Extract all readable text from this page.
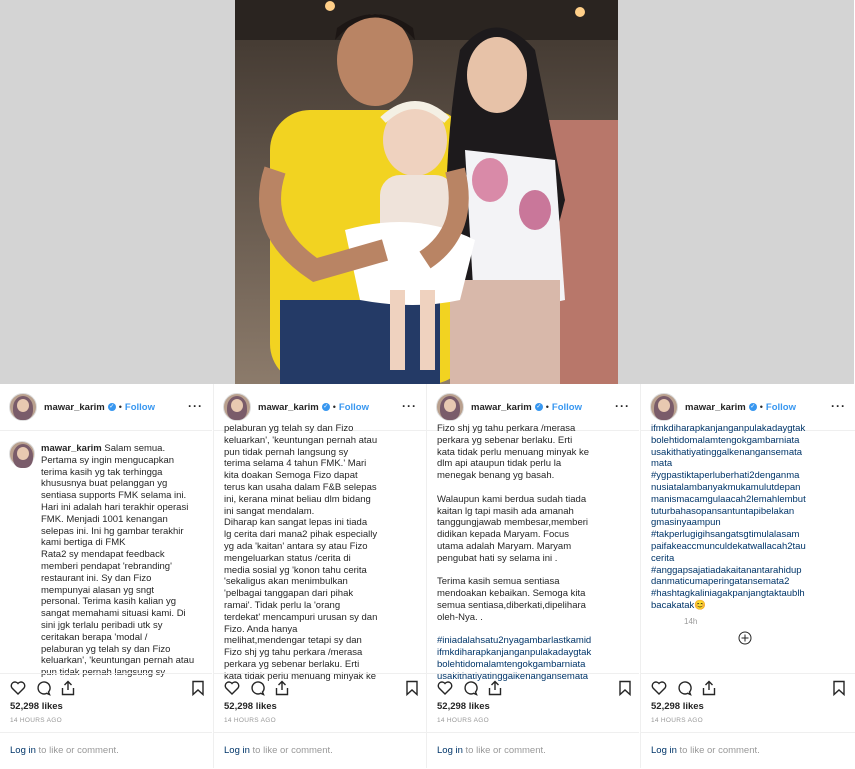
mawar_karim ✓ • Follow	···
mawar_karim Salam semua.
Pertama sy ingin mengucapkan
terima kasih yg tak terhingga
khususnya buat pelanggan yg
sentiasa supports FMK selama ini.
Hari ini adalah hari terakhir operasi
FMK. Menjadi 1001 kenangan
selepas ini. Ini hg gambar terakhir
kami bertiga di FMK
Rata2 sy mendapat feedback
memberi pendapat 'rebranding'
restaurant ini. Sy dan Fizo
mempunyai alasan yg sngt
personal. Terima kasih kalian yg
sangat memahami situasi kami. Di
sini jgk terlalu peribadi utk sy
ceritakan berapa 'modal /
pelaburan yg telah sy dan Fizo
keluarkan', 'keuntungan pernah atau
pun tidak pernah langsung sy
52,298 likes
14 HOURS AGO
Log in to like or comment.
mawar_karim ✓ • Follow	···
pelaburan yg telah sy dan Fizo
keluarkan', 'keuntungan pernah atau
pun tidak pernah langsung sy
terima selama 4 tahun FMK.' Mari
kita doakan Semoga Fizo dapat
terus kan usaha dalam F&B selepas
ini, kerana minat beliau dlm bidang
ini sangat mendalam.
Diharap kan sangat lepas ini tiada
lg cerita dari mana2 pihak especially
yg ada 'kaitan' antara sy atau Fizo
mengeluarkan status /cerita di
media sosial yg 'konon tahu cerita
'sekaligus akan menimbulkan
'pelbagai tanggapan dari pihak
ramai'. Tidak perlu la 'orang
terdekat' mencampuri urusan sy dan
Fizo. Anda hanya
melihat,mendengar tetapi sy dan
Fizo shj yg tahu perkara /merasa
perkara yg sebenar berlaku. Erti
kata tidak perlu menuang minyak ke
52,298 likes
14 HOURS AGO
Log in to like or comment.
mawar_karim ✓ • Follow	···
Fizo shj yg tahu perkara /merasa
perkara yg sebenar berlaku. Erti
kata tidak perlu menuang minyak ke
dlm api ataupun tidak perlu la
menegak benang yg basah.

Walaupun kami berdua sudah tiada
kaitan lg tapi masih ada amanah
tanggungjawab membesar,memberi
didikan kepada Maryam. Focus
utama adalah Maryam. Maryam
pengubat hati sy selama ini .

Terima kasih semua sentiasa
mendoakan kebaikan. Semoga kita
semua sentiasa,diberkati,dipelihara
oleh-Nya. .

#iniadalahsatu2nyagambarlastkamid
ifmkdiharapkanjanganpulakadaygtak
bolehtidomalamtengokgambarniata
usakithatiyatinggalkenangansemata
52,298 likes
14 HOURS AGO
Log in to like or comment.
mawar_karim ✓ • Follow	···
ifmkdiharapkanjanganpulakadaygtak
bolehtidomalamtengokgambarniata
usakithatiyatinggalkenangansemata
mata
#ygpastiktaperluberhati2denganma
nusiatalambanyakmukamulutdepan
manismacamgulaacah2lemahlembut
tuturbahasopansantuntapibelakan
gmasinyaampun
#takperlugigihsangatsgtimulalasam
paifakeaccmunculdekatwallacah2tau
cerita
#anggapsajatiadakaitanantarahidup
danmaticumaperingatansemata2
#hashtagkaliniagakpanjangtaktaublh
bacakatak😊
14h
52,298 likes
14 HOURS AGO
Log in to like or comment.
